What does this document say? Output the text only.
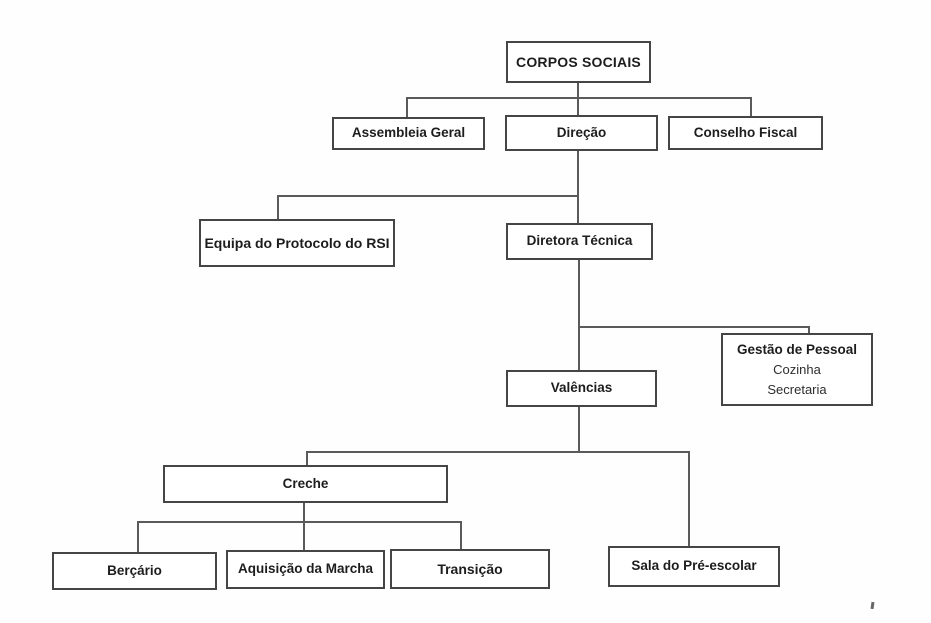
CORPOS SOCIAIS
Assembleia Geral	Direção	Conselho Fiscal
Equipa do Protocolo do RSI	Diretora Técnica
Gestão de Pessoal
Cozinha
Secretaria
Valências
Creche
Berçário	Aquisição da Marcha	Transição	Sala do Pré-escolar
